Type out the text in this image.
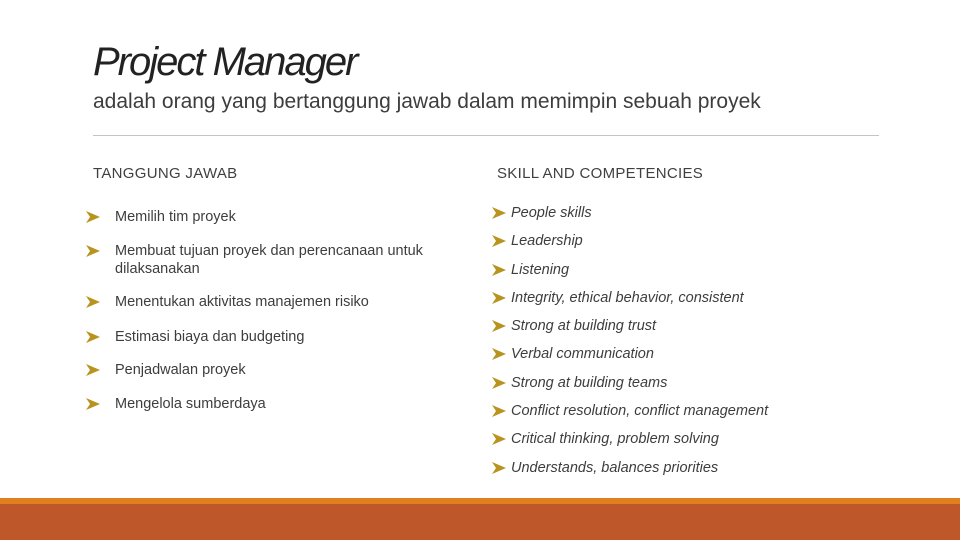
Project Manager
adalah orang yang bertanggung jawab dalam memimpin sebuah proyek
TANGGUNG JAWAB	SKILL AND COMPETENCIES
Memilih tim proyek
Membuat tujuan proyek dan perencanaan untuk dilaksanakan
Menentukan aktivitas manajemen risiko
Estimasi biaya dan budgeting
Penjadwalan proyek
Mengelola sumberdaya
People skills
Leadership
Listening
Integrity, ethical behavior, consistent
Strong at building trust
Verbal communication
Strong at building teams
Conflict resolution, conflict management
Critical thinking, problem solving
Understands, balances priorities
